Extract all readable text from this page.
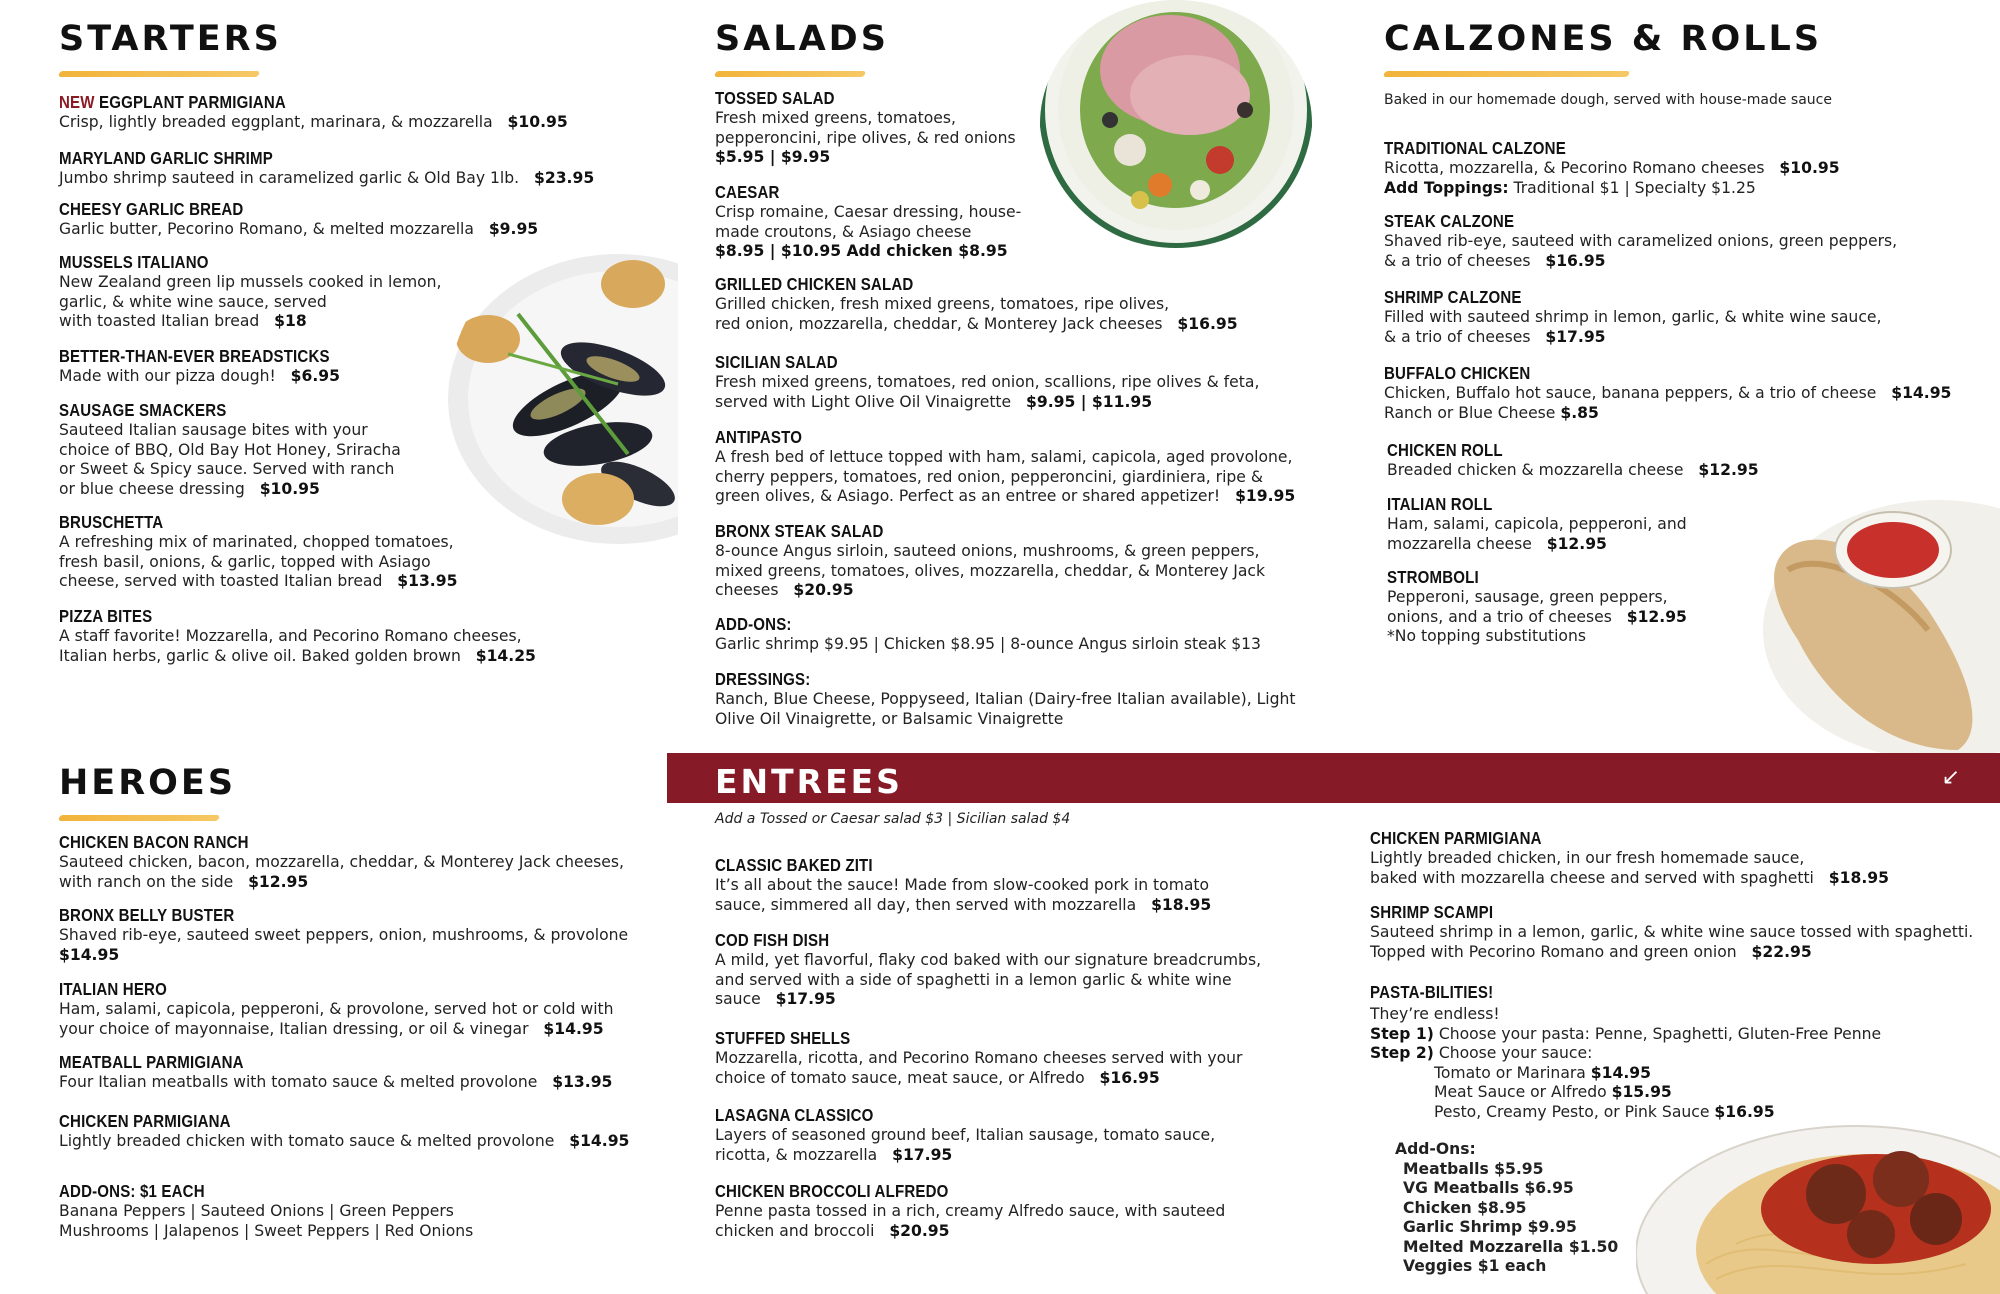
STARTERS
NEW EGGPLANT PARMIGIANA
Crisp, lightly breaded eggplant, marinara, & mozzarella $10.95
MARYLAND GARLIC SHRIMP
Jumbo shrimp sauteed in caramelized garlic & Old Bay 1lb. $23.95
CHEESY GARLIC BREAD
Garlic butter, Pecorino Romano, & melted mozzarella $9.95
MUSSELS ITALIANO
New Zealand green lip mussels cooked in lemon,
garlic, & white wine sauce, served
with toasted Italian bread $18
BETTER-THAN-EVER BREADSTICKS
Made with our pizza dough! $6.95
SAUSAGE SMACKERS
Sauteed Italian sausage bites with your
choice of BBQ, Old Bay Hot Honey, Sriracha
or Sweet & Spicy sauce. Served with ranch
or blue cheese dressing $10.95
BRUSCHETTA
A refreshing mix of marinated, chopped tomatoes,
fresh basil, onions, & garlic, topped with Asiago
cheese, served with toasted Italian bread $13.95
PIZZA BITES
A staff favorite! Mozzarella, and Pecorino Romano cheeses,
Italian herbs, garlic & olive oil. Baked golden brown $14.25
SALADS
TOSSED SALAD
Fresh mixed greens, tomatoes,
pepperoncini, ripe olives, & red onions
$5.95 | $9.95
CAESAR
Crisp romaine, Caesar dressing, house-
made croutons, & Asiago cheese
$8.95 | $10.95 Add chicken $8.95
GRILLED CHICKEN SALAD
Grilled chicken, fresh mixed greens, tomatoes, ripe olives,
red onion, mozzarella, cheddar, & Monterey Jack cheeses $16.95
SICILIAN SALAD
Fresh mixed greens, tomatoes, red onion, scallions, ripe olives & feta,
served with Light Olive Oil Vinaigrette $9.95 | $11.95
ANTIPASTO
A fresh bed of lettuce topped with ham, salami, capicola, aged provolone,
cherry peppers, tomatoes, red onion, pepperoncini, giardiniera, ripe &
green olives, & Asiago. Perfect as an entree or shared appetizer! $19.95
BRONX STEAK SALAD
8-ounce Angus sirloin, sauteed onions, mushrooms, & green peppers,
mixed greens, tomatoes, olives, mozzarella, cheddar, & Monterey Jack
cheeses $20.95
ADD-ONS:
Garlic shrimp $9.95 | Chicken $8.95 | 8-ounce Angus sirloin steak $13
DRESSINGS:
Ranch, Blue Cheese, Poppyseed, Italian (Dairy-free Italian available), Light
Olive Oil Vinaigrette, or Balsamic Vinaigrette
CALZONES & ROLLS
Baked in our homemade dough, served with house-made sauce
TRADITIONAL CALZONE
Ricotta, mozzarella, & Pecorino Romano cheeses $10.95
Add Toppings: Traditional $1 | Specialty $1.25
STEAK CALZONE
Shaved rib-eye, sauteed with caramelized onions, green peppers,
& a trio of cheeses $16.95
SHRIMP CALZONE
Filled with sauteed shrimp in lemon, garlic, & white wine sauce,
& a trio of cheeses $17.95
BUFFALO CHICKEN
Chicken, Buffalo hot sauce, banana peppers, & a trio of cheese $14.95
Ranch or Blue Cheese $.85
CHICKEN ROLL
Breaded chicken & mozzarella cheese $12.95
ITALIAN ROLL
Ham, salami, capicola, pepperoni, and
mozzarella cheese $12.95
STROMBOLI
Pepperoni, sausage, green peppers,
onions, and a trio of cheeses $12.95
*No topping substitutions
HEROES
CHICKEN BACON RANCH
Sauteed chicken, bacon, mozzarella, cheddar, & Monterey Jack cheeses,
with ranch on the side $12.95
BRONX BELLY BUSTER
Shaved rib-eye, sauteed sweet peppers, onion, mushrooms, & provolone
$14.95
ITALIAN HERO
Ham, salami, capicola, pepperoni, & provolone, served hot or cold with
your choice of mayonnaise, Italian dressing, or oil & vinegar $14.95
MEATBALL PARMIGIANA
Four Italian meatballs with tomato sauce & melted provolone $13.95
CHICKEN PARMIGIANA
Lightly breaded chicken with tomato sauce & melted provolone $14.95
ADD-ONS: $1 EACH
Banana Peppers | Sauteed Onions | Green Peppers
Mushrooms | Jalapenos | Sweet Peppers | Red Onions
ENTREES	↙
Add a Tossed or Caesar salad $3 | Sicilian salad $4
CLASSIC BAKED ZITI
It’s all about the sauce! Made from slow-cooked pork in tomato
sauce, simmered all day, then served with mozzarella $18.95
COD FISH DISH
A mild, yet flavorful, flaky cod baked with our signature breadcrumbs,
and served with a side of spaghetti in a lemon garlic & white wine
sauce $17.95
STUFFED SHELLS
Mozzarella, ricotta, and Pecorino Romano cheeses served with your
choice of tomato sauce, meat sauce, or Alfredo $16.95
LASAGNA CLASSICO
Layers of seasoned ground beef, Italian sausage, tomato sauce,
ricotta, & mozzarella $17.95
CHICKEN BROCCOLI ALFREDO
Penne pasta tossed in a rich, creamy Alfredo sauce, with sauteed
chicken and broccoli $20.95
CHICKEN PARMIGIANA
Lightly breaded chicken, in our fresh homemade sauce,
baked with mozzarella cheese and served with spaghetti $18.95
SHRIMP SCAMPI
Sauteed shrimp in a lemon, garlic, & white wine sauce tossed with spaghetti.
Topped with Pecorino Romano and green onion $22.95
PASTA-BILITIES!
They’re endless!
Step 1) Choose your pasta: Penne, Spaghetti, Gluten-Free Penne
Step 2) Choose your sauce:
Tomato or Marinara $14.95
Meat Sauce or Alfredo $15.95
Pesto, Creamy Pesto, or Pink Sauce $16.95
Add-Ons:
Meatballs $5.95
VG Meatballs $6.95
Chicken $8.95
Garlic Shrimp $9.95
Melted Mozzarella $1.50
Veggies $1 each
